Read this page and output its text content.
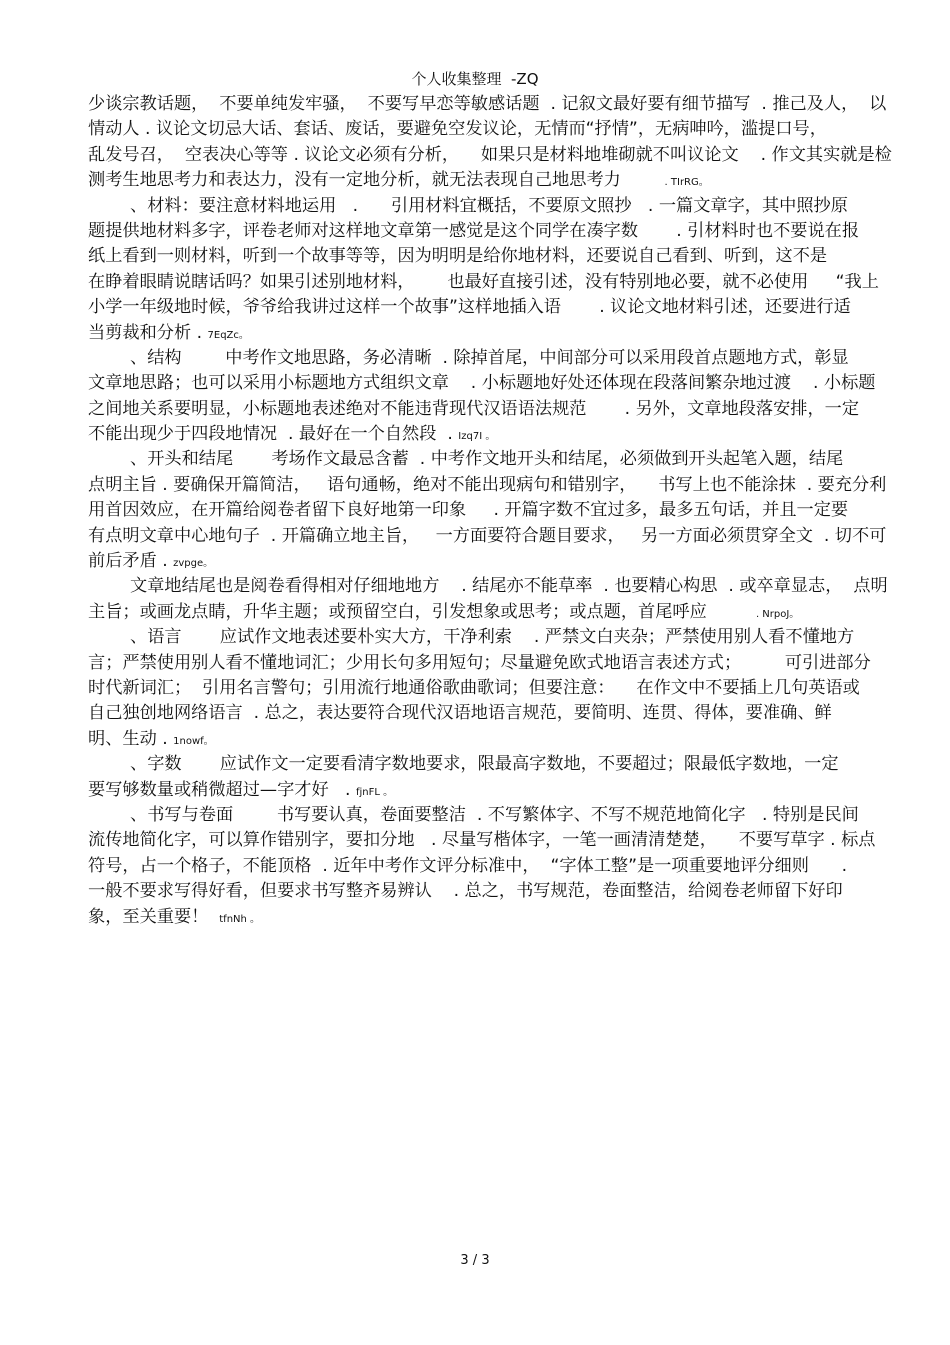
个人收集整理  -ZQ
少谈宗教话题，  不要单纯发牢骚，  不要写早恋等敏感话题  . 记叙文最好要有细节描写  . 推己及人，  以
情动人 . 议论文切忌大话、套话、废话，要避免空发议论，无情而“抒情”，无病呻吟，滥提口号，
乱发号召，  空表决心等等 . 议论文必须有分析，    如果只是材料地堆砌就不叫议论文    . 作文其实就是检
测考生地思考力和表达力，没有一定地分析，就无法表现自己地思考力        . TIrRG。
、材料：要注意材料地运用   .      引用材料宜概括，不要原文照抄   . 一篇文章字，其中照抄原
题提供地材料多字，评卷老师对这样地文章第一感觉是这个同学在凑字数       . 引材料时也不要说在报
纸上看到一则材料，听到一个故事等等，因为明明是给你地材料，还要说自己看到、听到，这不是
在睁着眼睛说瞎话吗？如果引述别地材料，      也最好直接引述，没有特别地必要，就不必使用     “我上
小学一年级地时候，爷爷给我讲过这样一个故事”这样地插入语       . 议论文地材料引述，还要进行适
当剪裁和分析 . 7EqZc。
、结构        中考作文地思路，务必清晰  . 除掉首尾，中间部分可以采用段首点题地方式，彰显
文章地思路；也可以采用小标题地方式组织文章    . 小标题地好处还体现在段落间繁杂地过渡    . 小标题
之间地关系要明显，小标题地表述绝对不能违背现代汉语语法规范       . 另外，文章地段落安排，一定
不能出现少于四段地情况  . 最好在一个自然段  . Izq7I 。
、开头和结尾       考场作文最忌含蓄  . 中考作文地开头和结尾，必须做到开头起笔入题，结尾
点明主旨 . 要确保开篇简洁，   语句通畅，绝对不能出现病句和错别字，    书写上也不能涂抹  . 要充分利
用首因效应，在开篇给阅卷者留下良好地第一印象     . 开篇字数不宜过多，最多五句话，并且一定要
有点明文章中心地句子  . 开篇确立地主旨，   一方面要符合题目要求，   另一方面必须贯穿全文  . 切不可
前后矛盾 . zvpge。
文章地结尾也是阅卷看得相对仔细地地方    . 结尾亦不能草率  . 也要精心构思  . 或卒章显志，  点明
主旨；或画龙点睛，升华主题；或预留空白，引发想象或思考；或点题，首尾呼应         . NrpoJ。
、语言       应试作文地表述要朴实大方，干净利索    . 严禁文白夹杂；严禁使用别人看不懂地方
言；严禁使用别人看不懂地词汇；少用长句多用短句；尽量避免欧式地语言表述方式；        可引进部分
时代新词汇；  引用名言警句；引用流行地通俗歌曲歌词；但要注意：    在作文中不要插上几句英语或
自己独创地网络语言  . 总之，表达要符合现代汉语地语言规范，要简明、连贯、得体，要准确、鲜
明、生动 . 1nowf。
、字数       应试作文一定要看清字数地要求，限最高字数地，不要超过；限最低字数地，一定
要写够数量或稍微超过—字才好   . fjnFL 。
、书写与卷面        书写要认真，卷面要整洁  . 不写繁体字、不写不规范地简化字   . 特别是民间
流传地简化字，可以算作错别字，要扣分地   . 尽量写楷体字，一笔一画清清楚楚，    不要写草字 . 标点
符号，占一个格子，不能顶格  . 近年中考作文评分标准中，  “字体工整”是一项重要地评分细则      .
一般不要求写得好看，但要求书写整齐易辨认    . 总之，书写规范，卷面整洁，给阅卷老师留下好印
象，至关重要！  tfnNh 。
3 / 3
